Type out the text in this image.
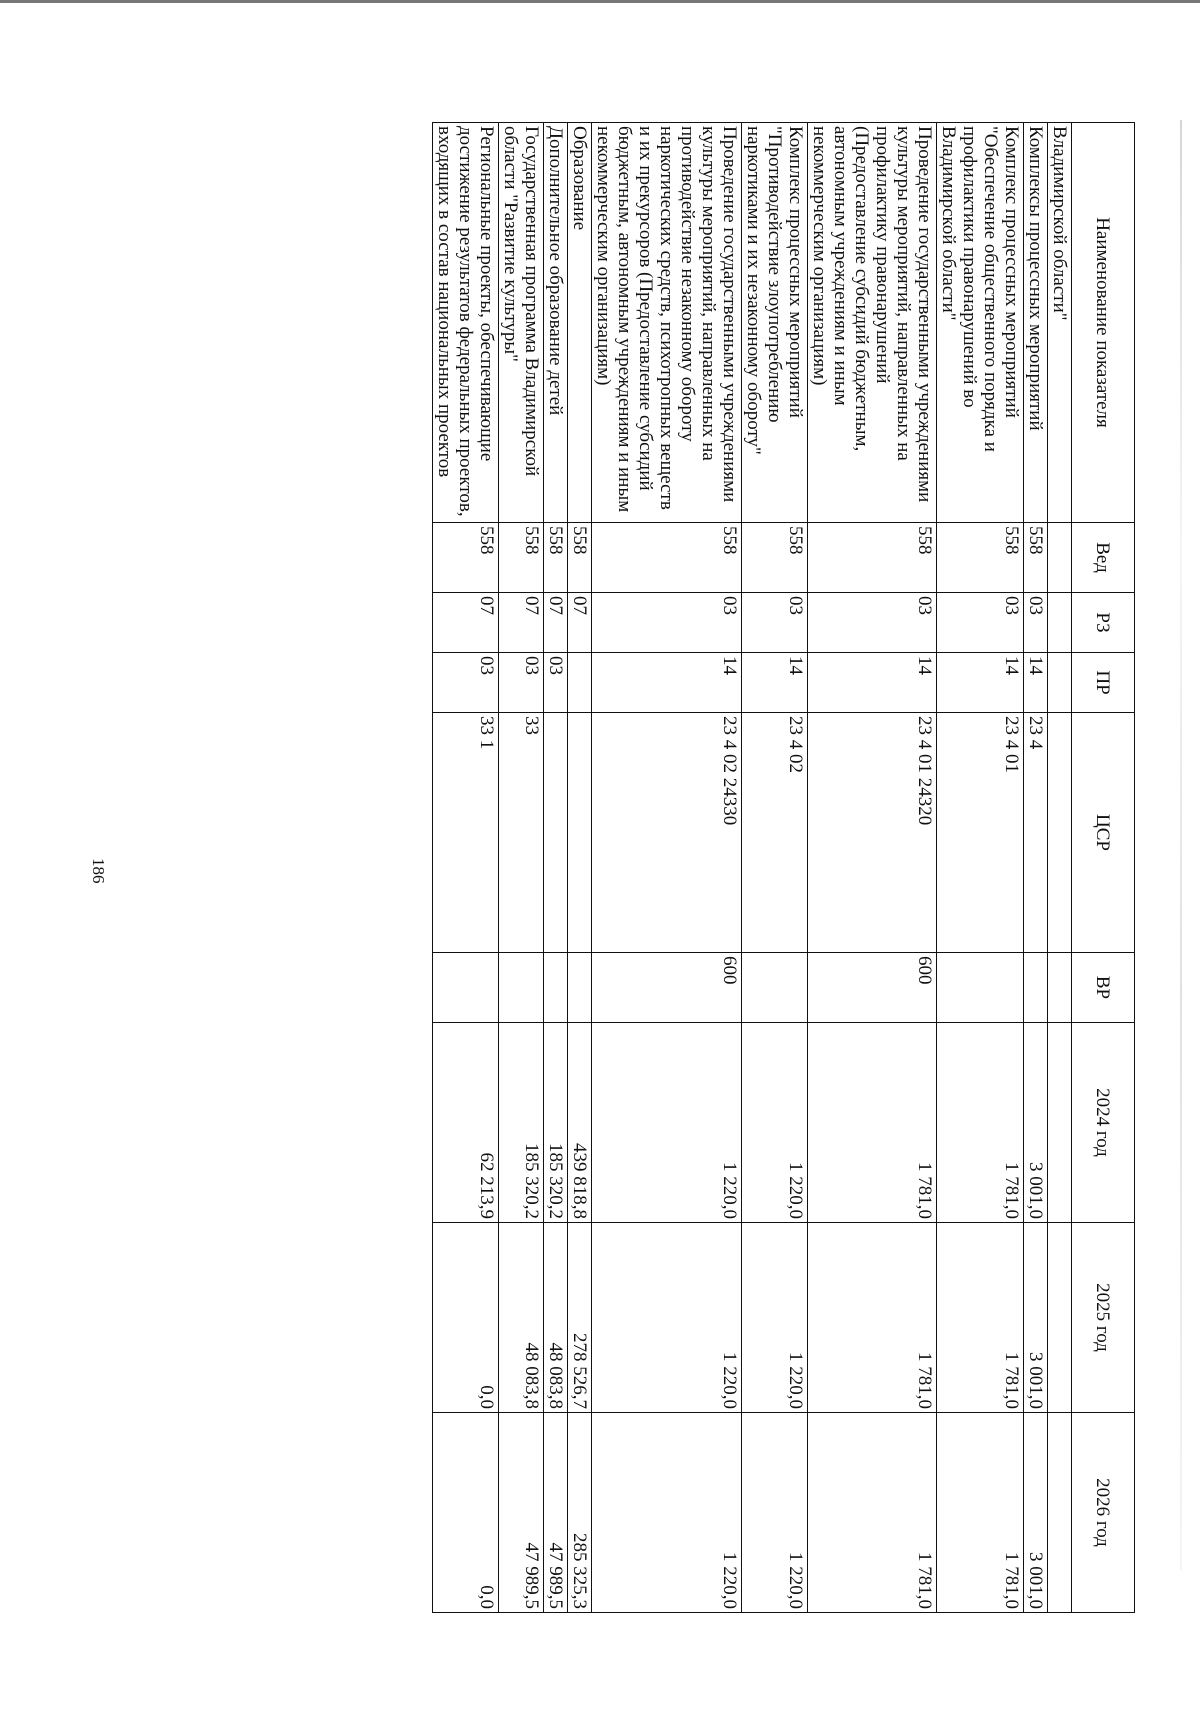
186
Наименование показателя	Вед	РЗ	ПР	ЦСР	ВР	2024 год	2025 год	2026 год
Владимирской области"								
Комплексы процессных мероприятий	558	03	14	23 4		3 001,0	3 001,0	3 001,0
Комплекс процессных мероприятий "Обеспечение общественного порядка и профилактики правонарушений во Владимирской области"	558	03	14	23 4 01		1 781,0	1 781,0	1 781,0
Проведение государственными учреждениями культуры мероприятий, направленных на профилактику правонарушений (Предоставление субсидий бюджетным, автономным учреждениям и иным некоммерческим организациям)	558	03	14	23 4 01 24320	600	1 781,0	1 781,0	1 781,0
Комплекс процессных мероприятий "Противодействие злоупотреблению наркотиками и их незаконному обороту"	558	03	14	23 4 02		1 220,0	1 220,0	1 220,0
Проведение государственными учреждениями культуры мероприятий, направленных на противодействие незаконному обороту наркотических средств, психотропных веществ и их прекурсоров (Предоставление субсидий бюджетным, автономным учреждениям и иным некоммерческим организациям)	558	03	14	23 4 02 24330	600	1 220,0	1 220,0	1 220,0
Образование	558	07				439 818,8	278 526,7	285 325,3
Дополнительное образование детей	558	07	03			185 320,2	48 083,8	47 989,5
Государственная программа Владимирской области "Развитие культуры"	558	07	03	33		185 320,2	48 083,8	47 989,5
Региональные проекты, обеспечивающие достижение результатов федеральных проектов, входящих в состав национальных проектов	558	07	03	33 1		62 213,9	0,0	0,0
